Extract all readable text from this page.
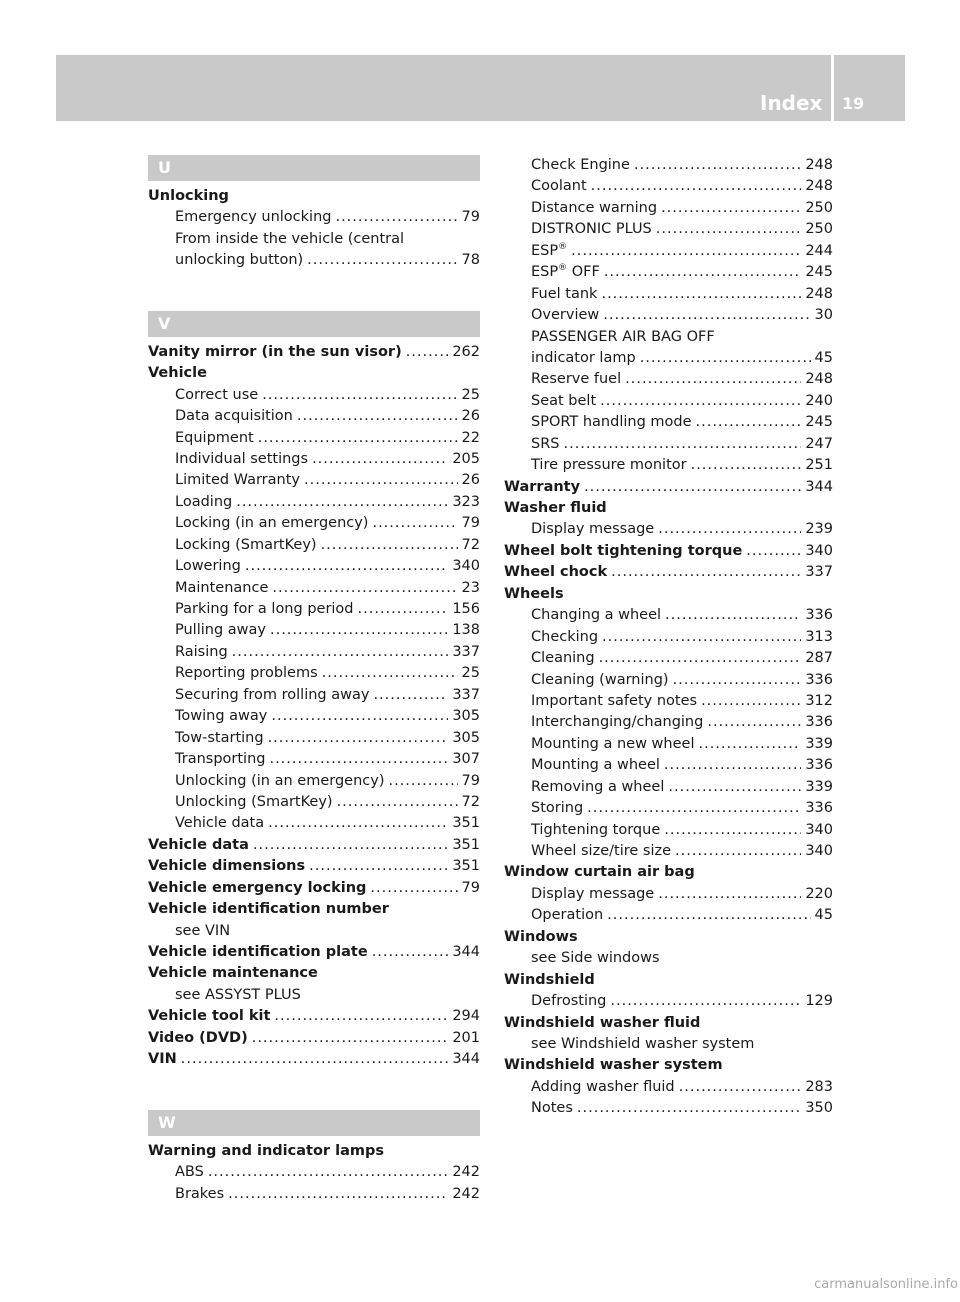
Index 19
U
Unlocking
Emergency unlocking .....	79
From inside the vehicle (central
unlocking button) .....	78
V
Vanity mirror (in the sun visor) .....	262
Vehicle
Correct use .....	25
Data acquisition .....	26
Equipment .....	22
Individual settings .....	205
Limited Warranty .....	26
Loading .....	323
Locking (in an emergency) .....	79
Locking (SmartKey) .....	72
Lowering .....	340
Maintenance .....	23
Parking for a long period .....	156
Pulling away .....	138
Raising .....	337
Reporting problems .....	25
Securing from rolling away .....	337
Towing away .....	305
Tow-starting .....	305
Transporting .....	307
Unlocking (in an emergency) .....	79
Unlocking (SmartKey) .....	72
Vehicle data .....	351
Vehicle data .....	351
Vehicle dimensions .....	351
Vehicle emergency locking .....	79
Vehicle identification number
see VIN
Vehicle identification plate .....	344
Vehicle maintenance
see ASSYST PLUS
Vehicle tool kit .....	294
Video (DVD) .....	201
VIN .....	344
W
Warning and indicator lamps
ABS .....	242
Brakes .....	242
Check Engine .....	248
Coolant .....	248
Distance warning .....	250
DISTRONIC PLUS .....	250
ESP® .....	244
ESP® OFF .....	245
Fuel tank .....	248
Overview .....	30
PASSENGER AIR BAG OFF
indicator lamp .....	45
Reserve fuel .....	248
Seat belt .....	240
SPORT handling mode .....	245
SRS .....	247
Tire pressure monitor .....	251
Warranty .....	344
Washer fluid
Display message .....	239
Wheel bolt tightening torque .....	340
Wheel chock .....	337
Wheels
Changing a wheel .....	336
Checking .....	313
Cleaning .....	287
Cleaning (warning) .....	336
Important safety notes .....	312
Interchanging/changing .....	336
Mounting a new wheel .....	339
Mounting a wheel .....	336
Removing a wheel .....	339
Storing .....	336
Tightening torque .....	340
Wheel size/tire size .....	340
Window curtain air bag
Display message .....	220
Operation .....	45
Windows
see Side windows
Windshield
Defrosting .....	129
Windshield washer fluid
see Windshield washer system
Windshield washer system
Adding washer fluid .....	283
Notes .....	350
carmanualsonline.info
